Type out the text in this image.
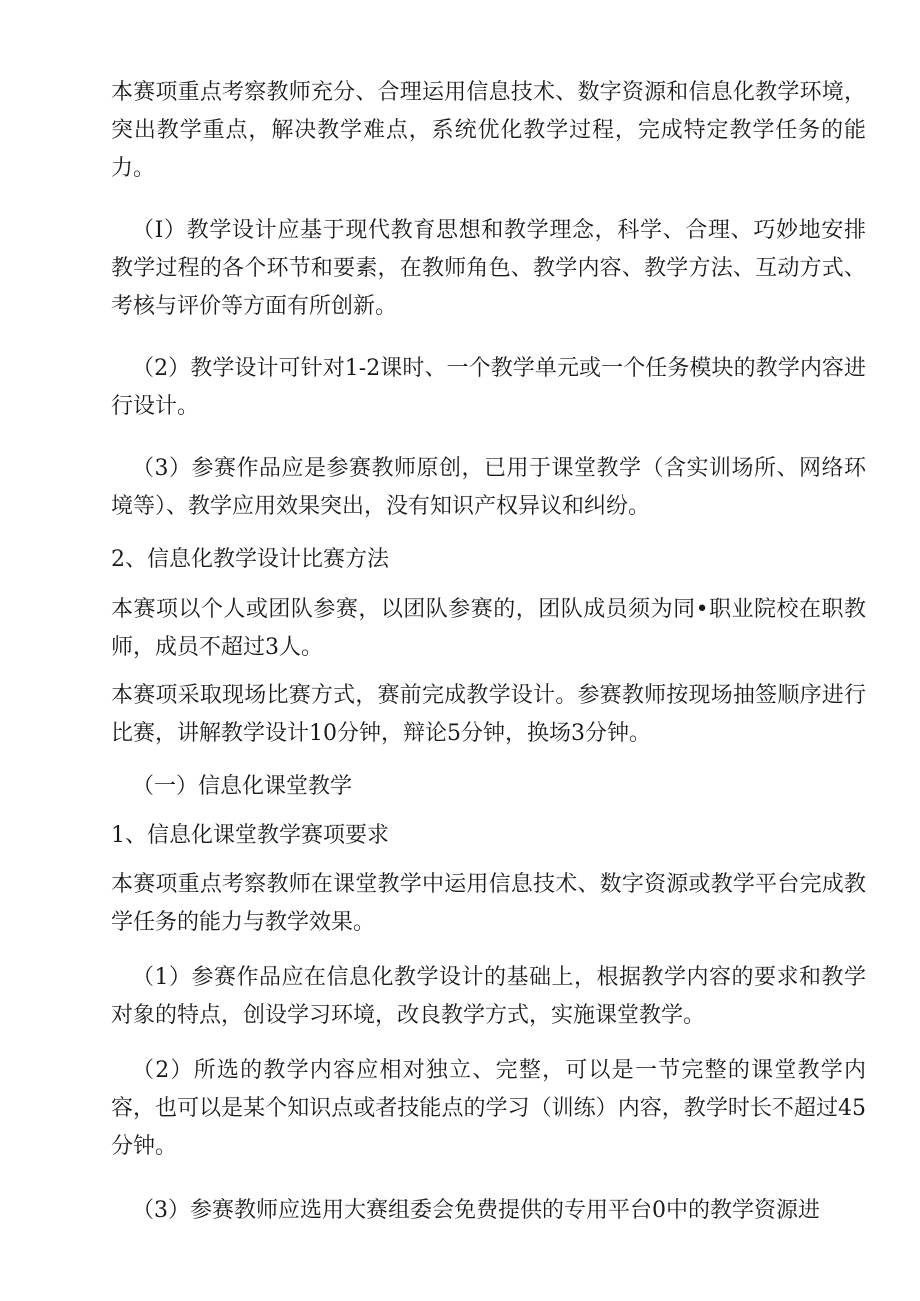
本赛项重点考察教师充分、合理运用信息技术、数字资源和信息化教学环境，突出教学重点，解决教学难点，系统优化教学过程，完成特定教学任务的能力。

（I）教学设计应基于现代教育思想和教学理念，科学、合理、巧妙地安排教学过程的各个环节和要素，在教师角色、教学内容、教学方法、互动方式、考核与评价等方面有所创新。

（2）教学设计可针对1-2课时、一个教学单元或一个任务模块的教学内容进行设计。

（3）参赛作品应是参赛教师原创，已用于课堂教学（含实训场所、网络环境等）、教学应用效果突出，没有知识产权异议和纠纷。

2、信息化教学设计比赛方法

本赛项以个人或团队参赛，以团队参赛的，团队成员须为同•职业院校在职教师，成员不超过3人。

本赛项采取现场比赛方式，赛前完成教学设计。参赛教师按现场抽签顺序进行比赛，讲解教学设计10分钟，辩论5分钟，换场3分钟。

（一）信息化课堂教学

1、信息化课堂教学赛项要求

本赛项重点考察教师在课堂教学中运用信息技术、数字资源或教学平台完成教学任务的能力与教学效果。

（1）参赛作品应在信息化教学设计的基础上，根据教学内容的要求和教学对象的特点，创设学习环境，改良教学方式，实施课堂教学。

（2）所选的教学内容应相对独立、完整，可以是一节完整的课堂教学内容，也可以是某个知识点或者技能点的学习（训练）内容，教学时长不超过45分钟。

（3）参赛教师应选用大赛组委会免费提供的专用平台0中的教学资源进
